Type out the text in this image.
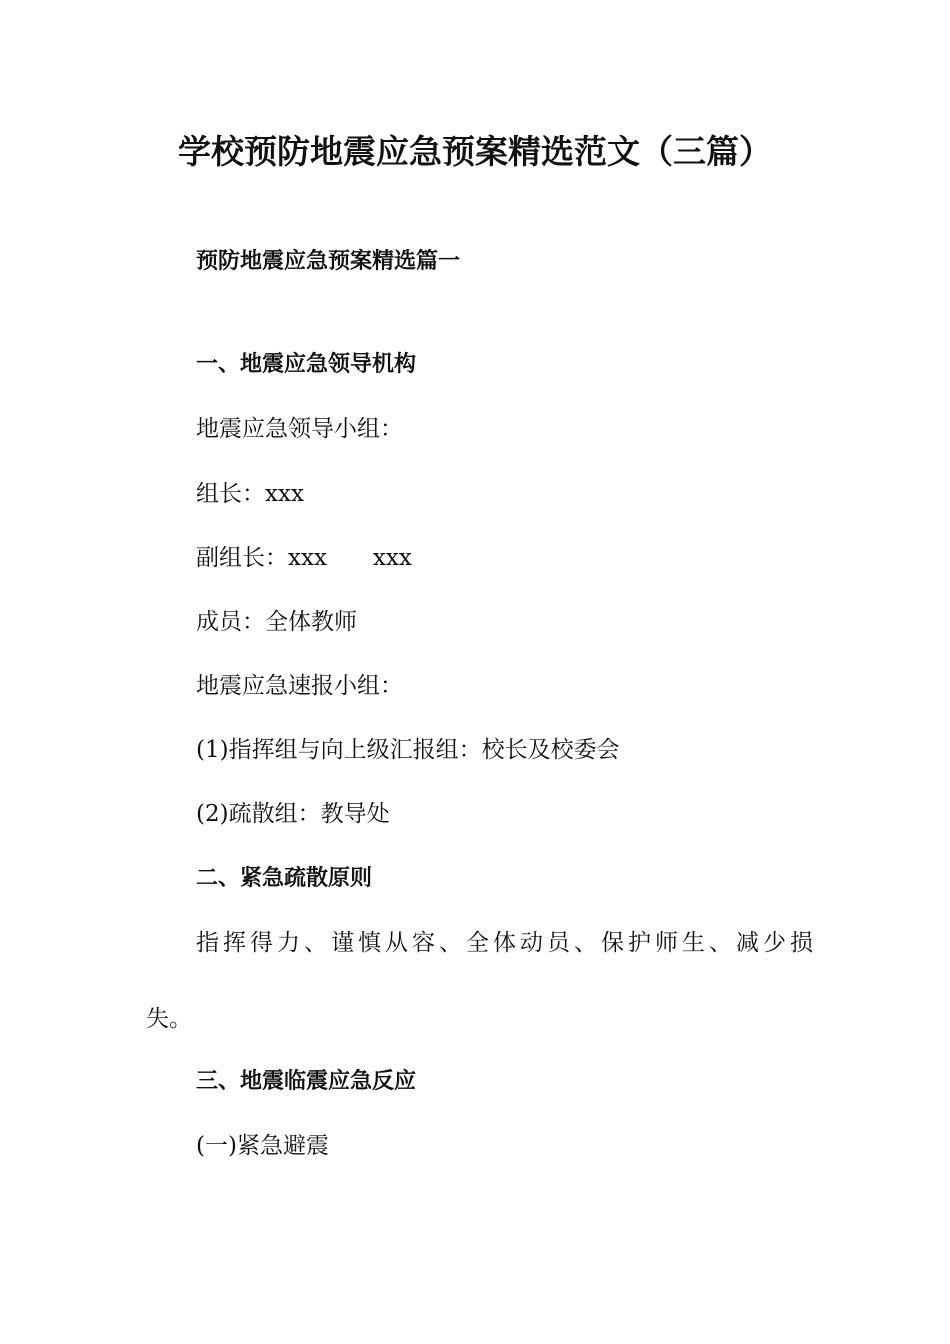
学校预防地震应急预案精选范文（三篇）
预防地震应急预案精选篇一
一、地震应急领导机构
地震应急领导小组：
组长：xxx
副组长：xxx　　xxx
成员：全体教师
地震应急速报小组：
(1)指挥组与向上级汇报组：校长及校委会
(2)疏散组：教导处
二、紧急疏散原则
指挥得力、谨慎从容、全体动员、保护师生、减少损
失。
三、地震临震应急反应
(一)紧急避震
